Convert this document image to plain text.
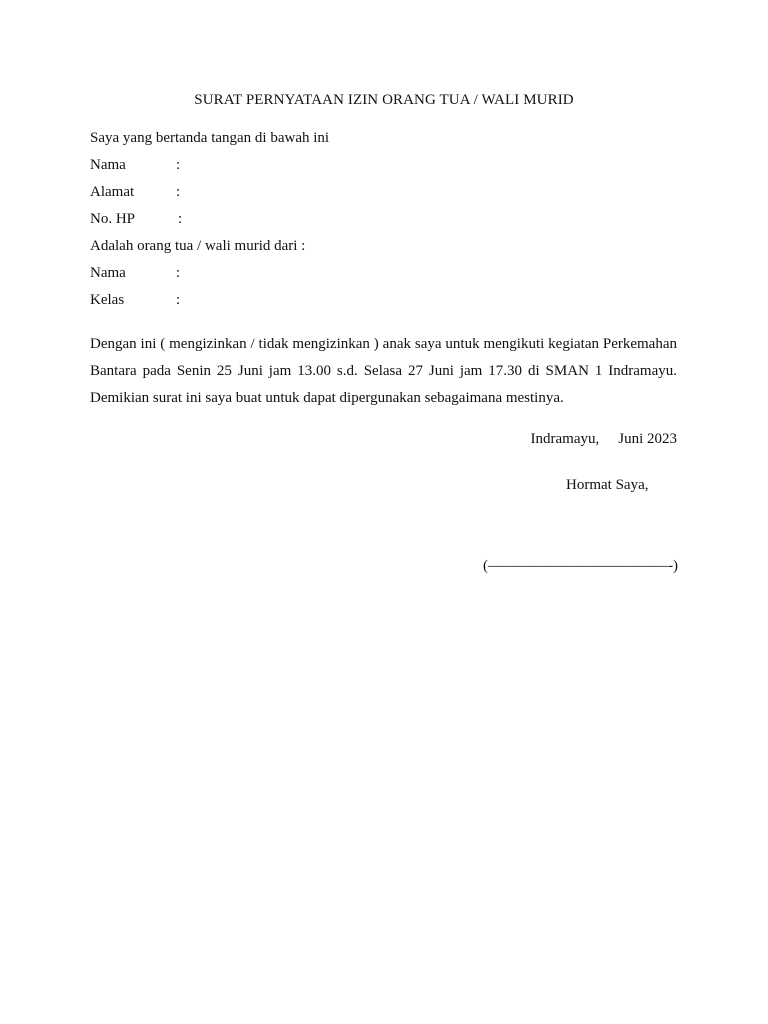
SURAT PERNYATAAN IZIN ORANG TUA / WALI MURID
Saya yang bertanda tangan di bawah ini
Nama	:
Alamat	:
No. HP	:
Adalah orang tua / wali murid dari :
Nama	:
Kelas	:
Dengan ini ( mengizinkan / tidak mengizinkan ) anak saya untuk mengikuti kegiatan Perkemahan Bantara pada Senin 25 Juni jam 13.00 s.d. Selasa 27 Juni jam 17.30 di SMAN 1 Indramayu. Demikian surat ini saya buat untuk dapat dipergunakan sebagaimana mestinya.
Indramayu, Juni 2023
Hormat Saya,
(————————————-)
